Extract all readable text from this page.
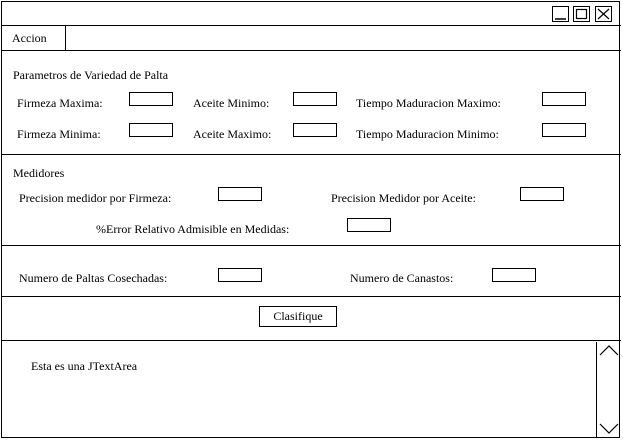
Accion
Parametros de Variedad de Palta
Firmeza Maxima:	Aceite Minimo:	Tiempo Maduracion Maximo:
Firmeza Minima:	Aceite Maximo:	Tiempo Maduracion Minimo:
Medidores
Precision medidor por Firmeza:	Precision Medidor por Aceite:
%Error Relativo Admisible en Medidas:
Numero de Paltas Cosechadas:	Numero de Canastos:
Clasifique
Esta es una JTextArea
